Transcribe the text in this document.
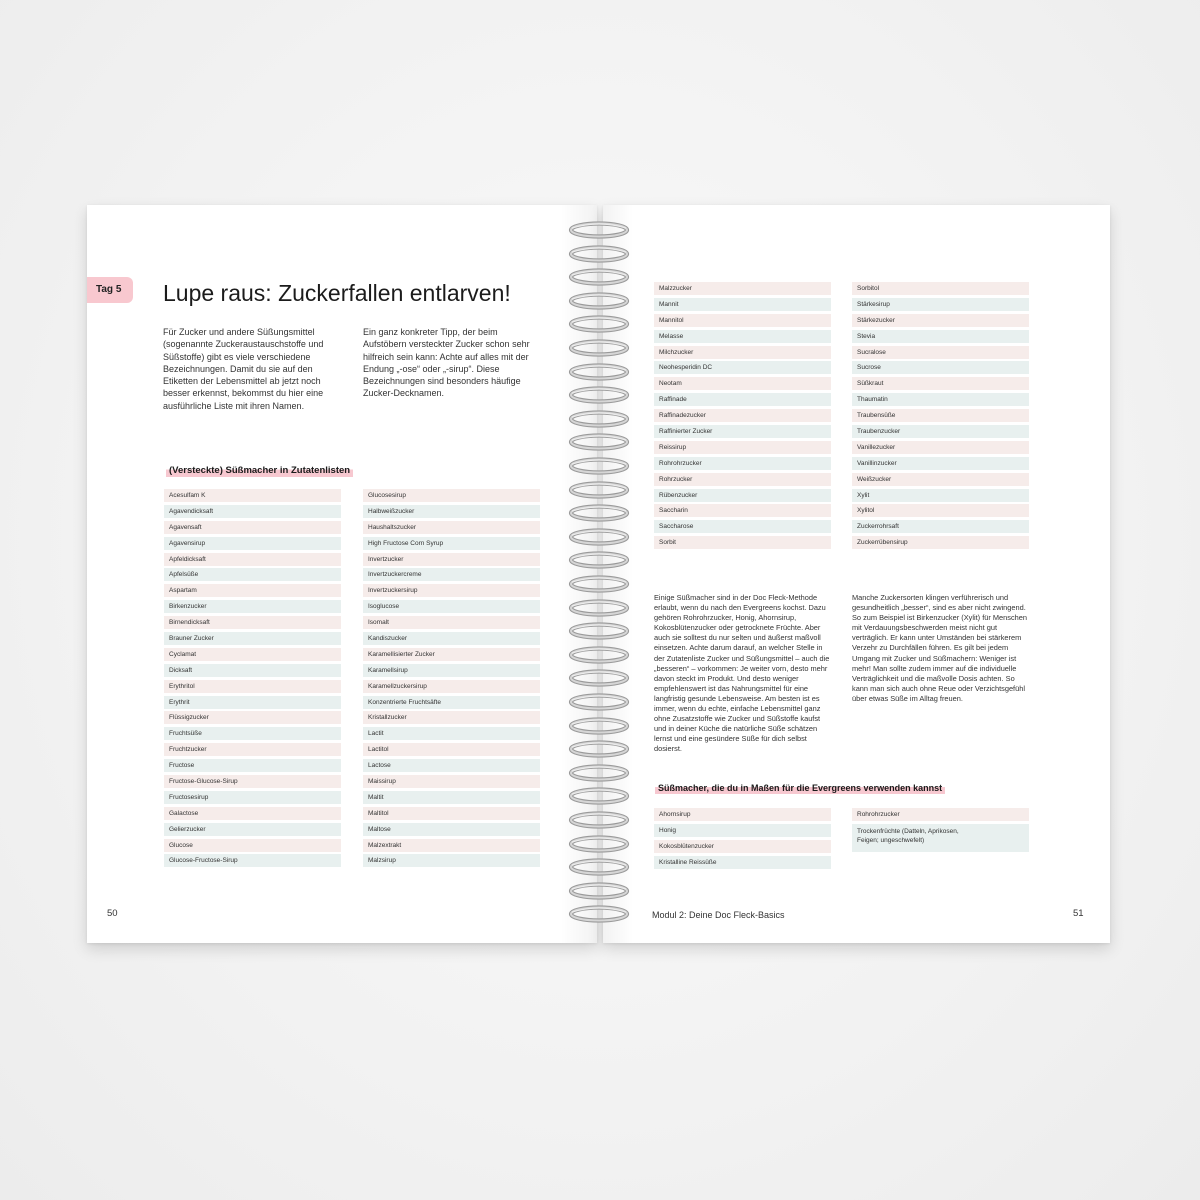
Tag 5	Lupe raus: Zuckerfallen entlarven!
Für Zucker und andere Süßungsmittel (sogenannte Zuckeraustauschstoffe und Süßstoffe) gibt es viele verschiedene Bezeichnungen. Damit du sie auf den Etiketten der Lebensmittel ab jetzt noch besser erkennst, bekommst du hier eine ausführliche Liste mit ihren Namen.
Ein ganz konkreter Tipp, der beim Aufstöbern versteckter Zucker schon sehr hilfreich sein kann: Achte auf alles mit der Endung „-ose“ oder „-sirup“. Diese Bezeichnungen sind besonders häufige Zucker-Decknamen.
(Versteckte) Süßmacher in Zutatenlisten
Acesulfam K
Agavendicksaft
Agavensaft
Agavensirup
Apfeldicksaft
Apfelsüße
Aspartam
Birkenzucker
Birnendicksaft
Brauner Zucker
Cyclamat
Dicksaft
Erythritol
Erythrit
Flüssigzucker
Fruchtsüße
Fruchtzucker
Fructose
Fructose-Glucose-Sirup
Fructosesirup
Galactose
Gelierzucker
Glucose
Glucose-Fructose-Sirup
Glucosesirup
Halbweißzucker
Haushaltszucker
High Fructose Corn Syrup
Invertzucker
Invertzuckercreme
Invertzuckersirup
Isoglucose
Isomalt
Kandiszucker
Karamellisierter Zucker
Karamellsirup
Karamellzuckersirup
Konzentrierte Fruchtsäfte
Kristallzucker
Lactit
Lactitol
Lactose
Maissirup
Maltit
Maltitol
Maltose
Malzextrakt
Malzsirup
50
Malzzucker
Mannit
Mannitol
Melasse
Milchzucker
Neohesperidin DC
Neotam
Raffinade
Raffinadezucker
Raffinierter Zucker
Reissirup
Rohrohrzucker
Rohrzucker
Rübenzucker
Saccharin
Saccharose
Sorbit
Sorbitol
Stärkesirup
Stärkezucker
Stevia
Sucralose
Sucrose
Süßkraut
Thaumatin
Traubensüße
Traubenzucker
Vanillezucker
Vanillinzucker
Weißzucker
Xylit
Xylitol
Zuckerrohrsaft
Zuckerrübensirup
Einige Süßmacher sind in der Doc Fleck-Methode erlaubt, wenn du nach den Evergreens kochst. Dazu gehören Rohrohrzucker, Honig, Ahornsirup, Kokosblütenzucker oder getrocknete Früchte. Aber auch sie solltest du nur selten und äußerst maßvoll einsetzen. Achte darum darauf, an welcher Stelle in der Zutatenliste Zucker und Süßungsmittel – auch die „besseren“ – vorkommen: Je weiter vorn, desto mehr davon steckt im Produkt. Und desto weniger empfehlenswert ist das Nahrungsmittel für eine langfristig gesunde Lebensweise. Am besten ist es immer, wenn du echte, einfache Lebensmittel ganz ohne Zusatzstoffe wie Zucker und Süßstoffe kaufst und in deiner Küche die natürliche Süße schätzen lernst und eine gesündere Süße für dich selbst dosierst.
Manche Zuckersorten klingen verführerisch und gesundheitlich „besser“, sind es aber nicht zwingend. So zum Beispiel ist Birkenzucker (Xylit) für Menschen mit Verdauungsbeschwerden meist nicht gut verträglich. Er kann unter Umständen bei stärkerem Verzehr zu Durchfällen führen. Es gilt bei jedem Umgang mit Zucker und Süßmachern: Weniger ist mehr! Man sollte zudem immer auf die individuelle Verträglichkeit und die maßvolle Dosis achten. So kann man sich auch ohne Reue oder Verzichtsgefühl über etwas Süße im Alltag freuen.
Süßmacher, die du in Maßen für die Evergreens verwenden kannst
Ahornsirup
Honig
Kokosblütenzucker
Kristalline Reissüße
Rohrohrzucker
Trockenfrüchte (Datteln, Aprikosen,
Feigen; ungeschwefelt)
Modul 2: Deine Doc Fleck-Basics	51
